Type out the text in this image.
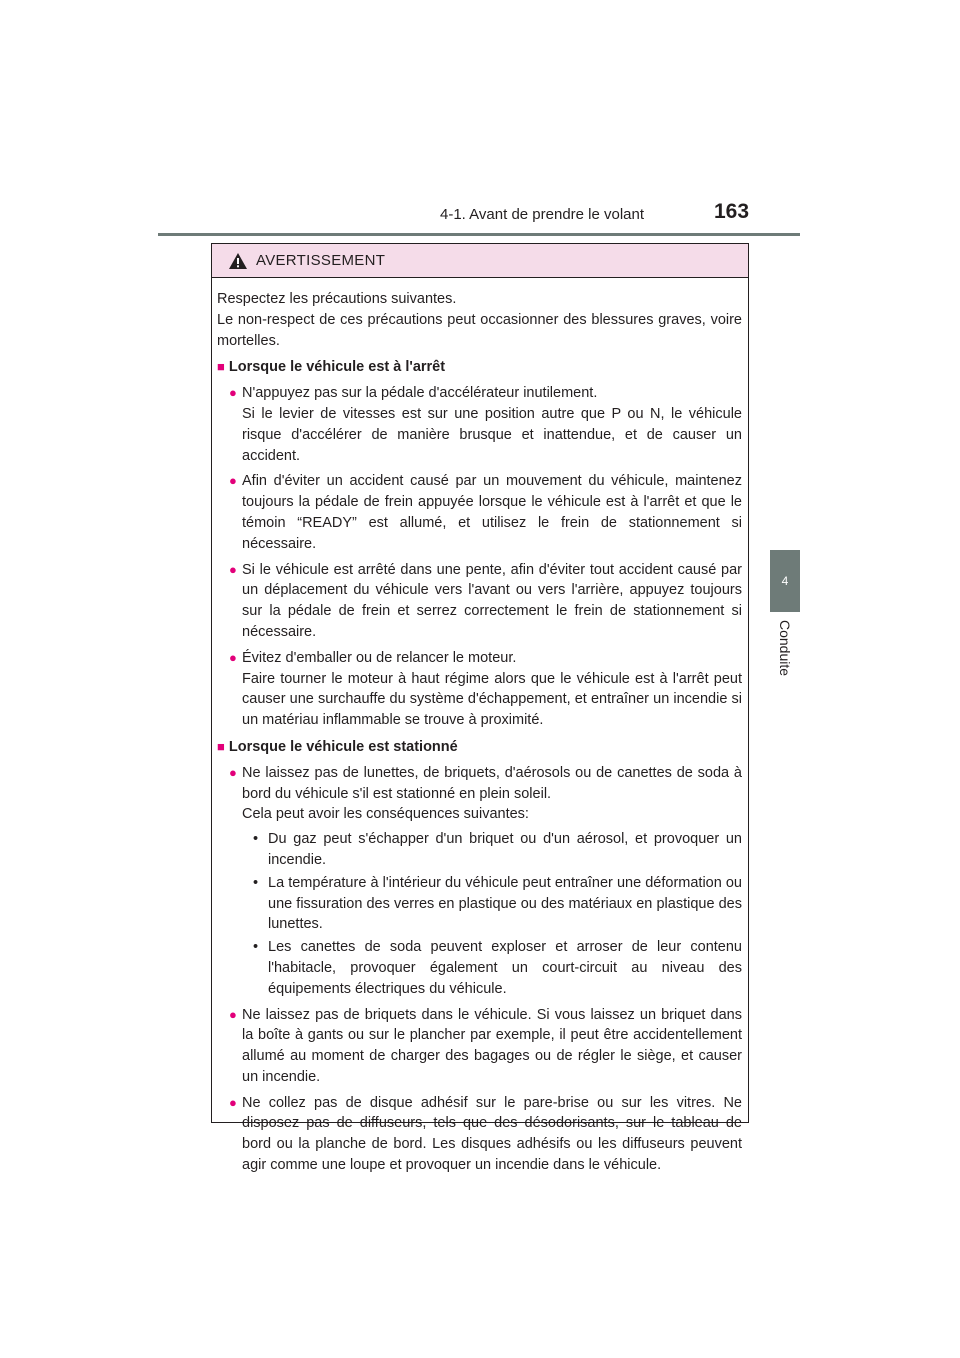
4-1. Avant de prendre le volant	163
4
Conduite
AVERTISSEMENT

Respectez les précautions suivantes.

Le non-respect de ces précautions peut occasionner des blessures graves, voire mortelles.

■ Lorsque le véhicule est à l'arrêt
● N'appuyez pas sur la pédale d'accélérateur inutilement.
Si le levier de vitesses est sur une position autre que P ou N, le véhicule risque d'accélérer de manière brusque et inattendue, et de causer un accident.
● Afin d'éviter un accident causé par un mouvement du véhicule, maintenez toujours la pédale de frein appuyée lorsque le véhicule est à l'arrêt et que le témoin “READY” est allumé, et utilisez le frein de stationnement si nécessaire.
● Si le véhicule est arrêté dans une pente, afin d'éviter tout accident causé par un déplacement du véhicule vers l'avant ou vers l'arrière, appuyez toujours sur la pédale de frein et serrez correctement le frein de stationnement si nécessaire.
● Évitez d'emballer ou de relancer le moteur.
Faire tourner le moteur à haut régime alors que le véhicule est à l'arrêt peut causer une surchauffe du système d'échappement, et entraîner un incendie si un matériau inflammable se trouve à proximité.
■ Lorsque le véhicule est stationné
● Ne laissez pas de lunettes, de briquets, d'aérosols ou de canettes de soda à bord du véhicule s'il est stationné en plein soleil.
Cela peut avoir les conséquences suivantes:
• Du gaz peut s'échapper d'un briquet ou d'un aérosol, et provoquer un incendie.
• La température à l'intérieur du véhicule peut entraîner une déformation ou une fissuration des verres en plastique ou des matériaux en plastique des lunettes.
• Les canettes de soda peuvent exploser et arroser de leur contenu l'habitacle, provoquer également un court-circuit au niveau des équipements électriques du véhicule.
● Ne laissez pas de briquets dans le véhicule. Si vous laissez un briquet dans la boîte à gants ou sur le plancher par exemple, il peut être accidentellement allumé au moment de charger des bagages ou de régler le siège, et causer un incendie.
● Ne collez pas de disque adhésif sur le pare-brise ou sur les vitres. Ne disposez pas de diffuseurs, tels que des désodorisants, sur le tableau de bord ou la planche de bord. Les disques adhésifs ou les diffuseurs peuvent agir comme une loupe et provoquer un incendie dans le véhicule.
